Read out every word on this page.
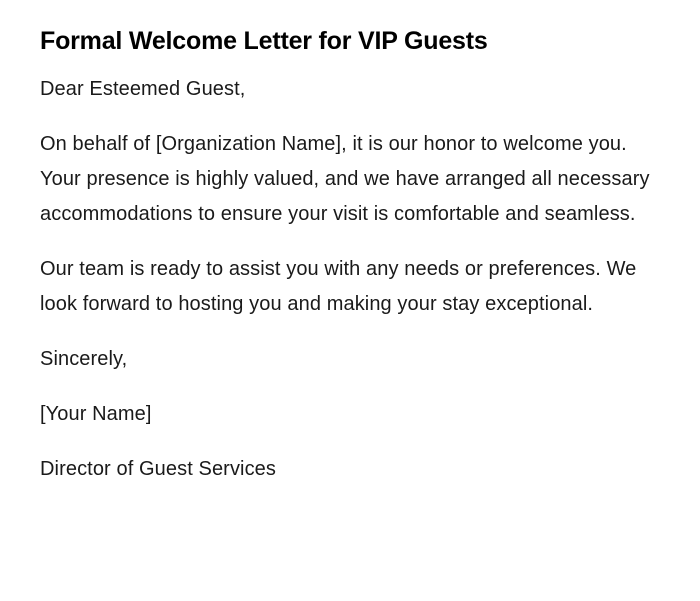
Formal Welcome Letter for VIP Guests

Dear Esteemed Guest,

On behalf of [Organization Name], it is our honor to welcome you. Your presence is highly valued, and we have arranged all necessary accommodations to ensure your visit is comfortable and seamless.

Our team is ready to assist you with any needs or preferences. We look forward to hosting you and making your stay exceptional.

Sincerely,

[Your Name]

Director of Guest Services
